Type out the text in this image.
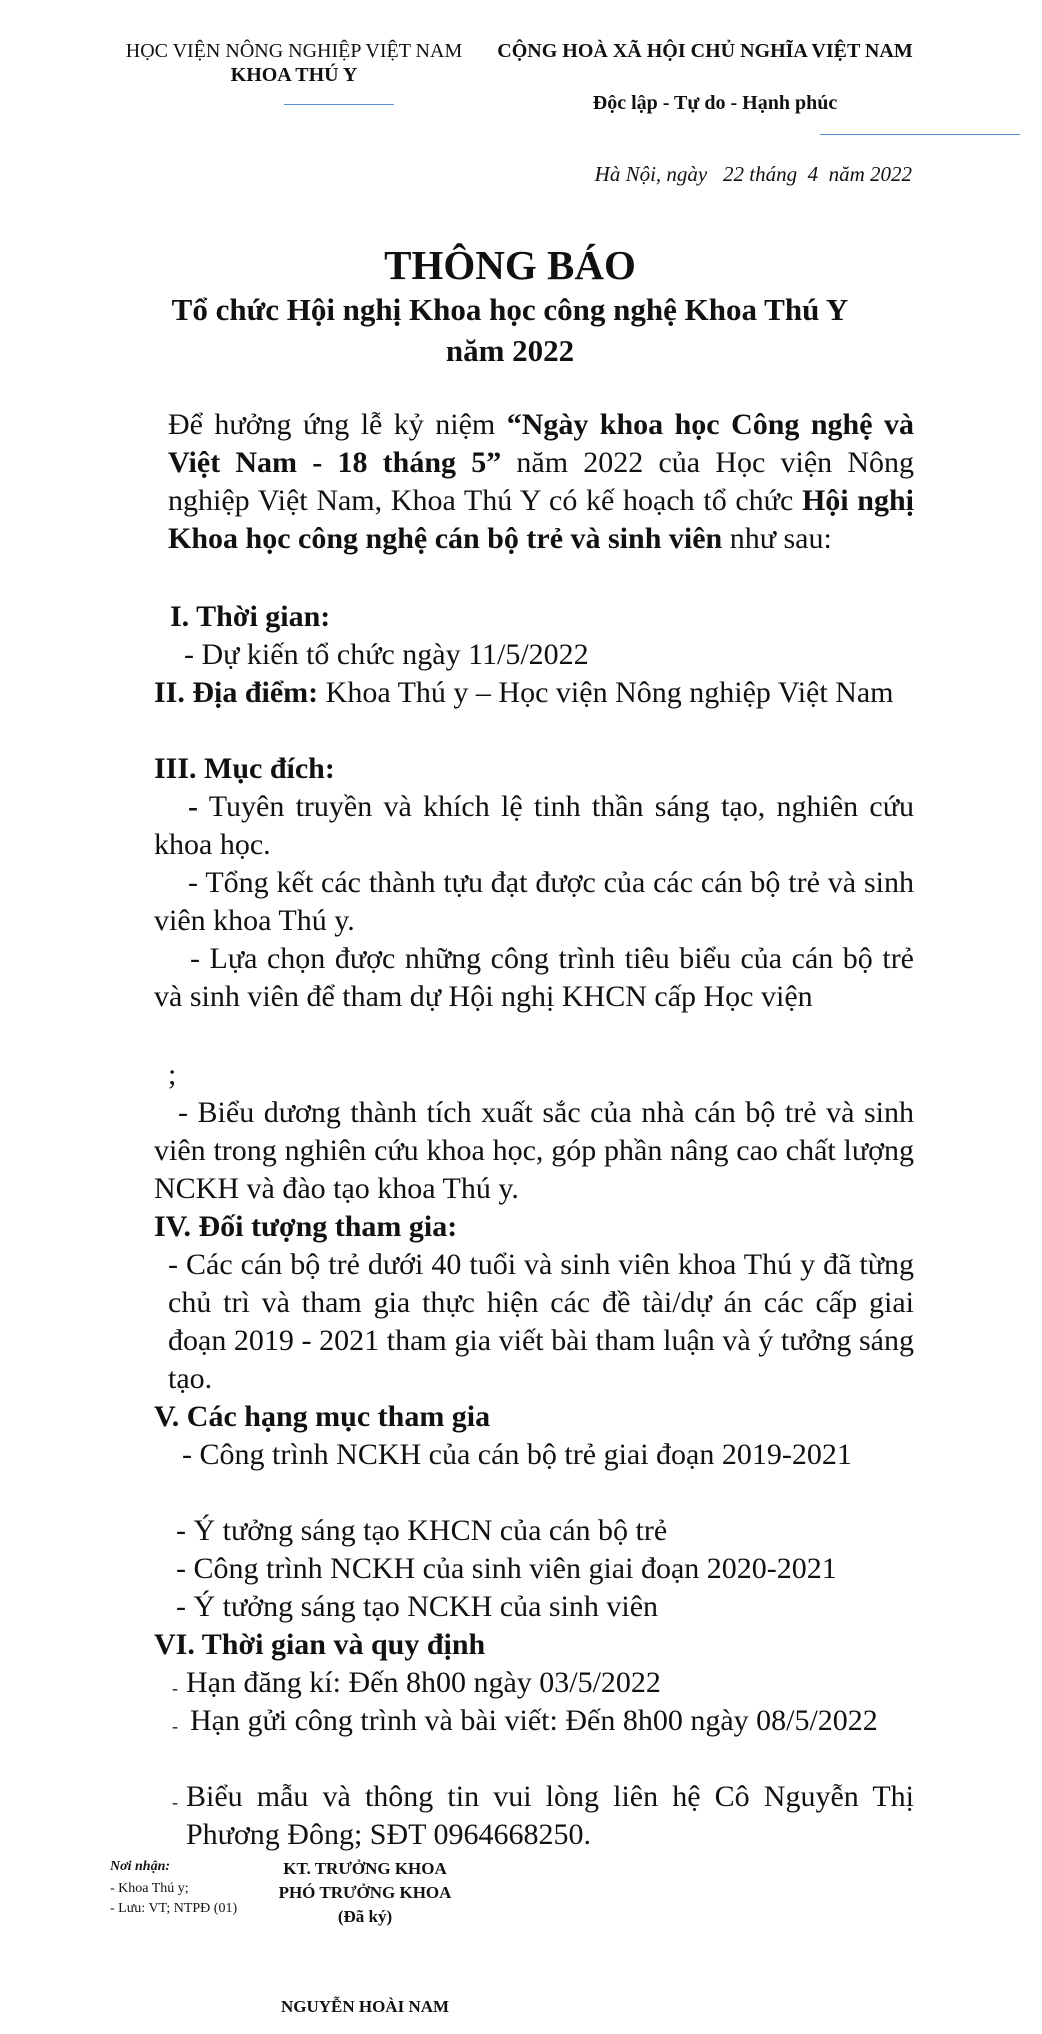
HỌC VIỆN NÔNG NGHIỆP VIỆT NAM
KHOA THÚ Y
CỘNG HOÀ XÃ HỘI CHỦ NGHĨA VIỆT NAM
Độc lập - Tự do - Hạnh phúc
Hà Nội, ngày   22 tháng  4  năm 2022
THÔNG BÁO
Tổ chức Hội nghị Khoa học công nghệ Khoa Thú Y
năm 2022
Để hưởng ứng lễ kỷ niệm “Ngày khoa học Công nghệ và Việt Nam - 18 tháng 5” năm 2022 của Học viện Nông nghiệp Việt Nam, Khoa Thú Y có kế hoạch tổ chức Hội nghị Khoa học công nghệ cán bộ trẻ và sinh viên như sau:
I. Thời gian:
- Dự kiến tổ chức ngày 11/5/2022
II. Địa điểm: Khoa Thú y – Học viện Nông nghiệp Việt Nam
III. Mục đích:
- Tuyên truyền và khích lệ tinh thần sáng tạo, nghiên cứu khoa học.
- Tổng kết các thành tựu đạt được của các cán bộ trẻ và sinh viên khoa Thú y.
- Lựa chọn được những công trình tiêu biểu của cán bộ trẻ và sinh viên để tham dự Hội nghị KHCN cấp Học viện
;
- Biểu dương thành tích xuất sắc của nhà cán bộ trẻ và sinh viên trong nghiên cứu khoa học, góp phần nâng cao chất lượng NCKH và đào tạo khoa Thú y.
IV. Đối tượng tham gia:
- Các cán bộ trẻ dưới 40 tuổi và sinh viên khoa Thú y đã từng chủ trì và tham gia thực hiện các đề tài/dự án các cấp giai đoạn 2019 - 2021 tham gia viết bài tham luận và ý tưởng sáng tạo.
V. Các hạng mục tham gia
- Công trình NCKH của cán bộ trẻ giai đoạn 2019-2021
- Ý tưởng sáng tạo KHCN của cán bộ trẻ
- Công trình NCKH của sinh viên giai đoạn 2020-2021
- Ý tưởng sáng tạo NCKH của sinh viên
VI. Thời gian và quy định
- Hạn đăng kí: Đến 8h00 ngày 03/5/2022
- Hạn gửi công trình và bài viết: Đến 8h00 ngày 08/5/2022
- Biểu mẫu và thông tin vui lòng liên hệ Cô Nguyễn Thị Phương Đông; SĐT 0964668250.
Nơi nhận:
- Khoa Thú y;
- Lưu: VT; NTPĐ (01)
KT. TRƯỞNG KHOA
PHÓ TRƯỞNG KHOA
(Đã ký)
NGUYỄN HOÀI NAM
